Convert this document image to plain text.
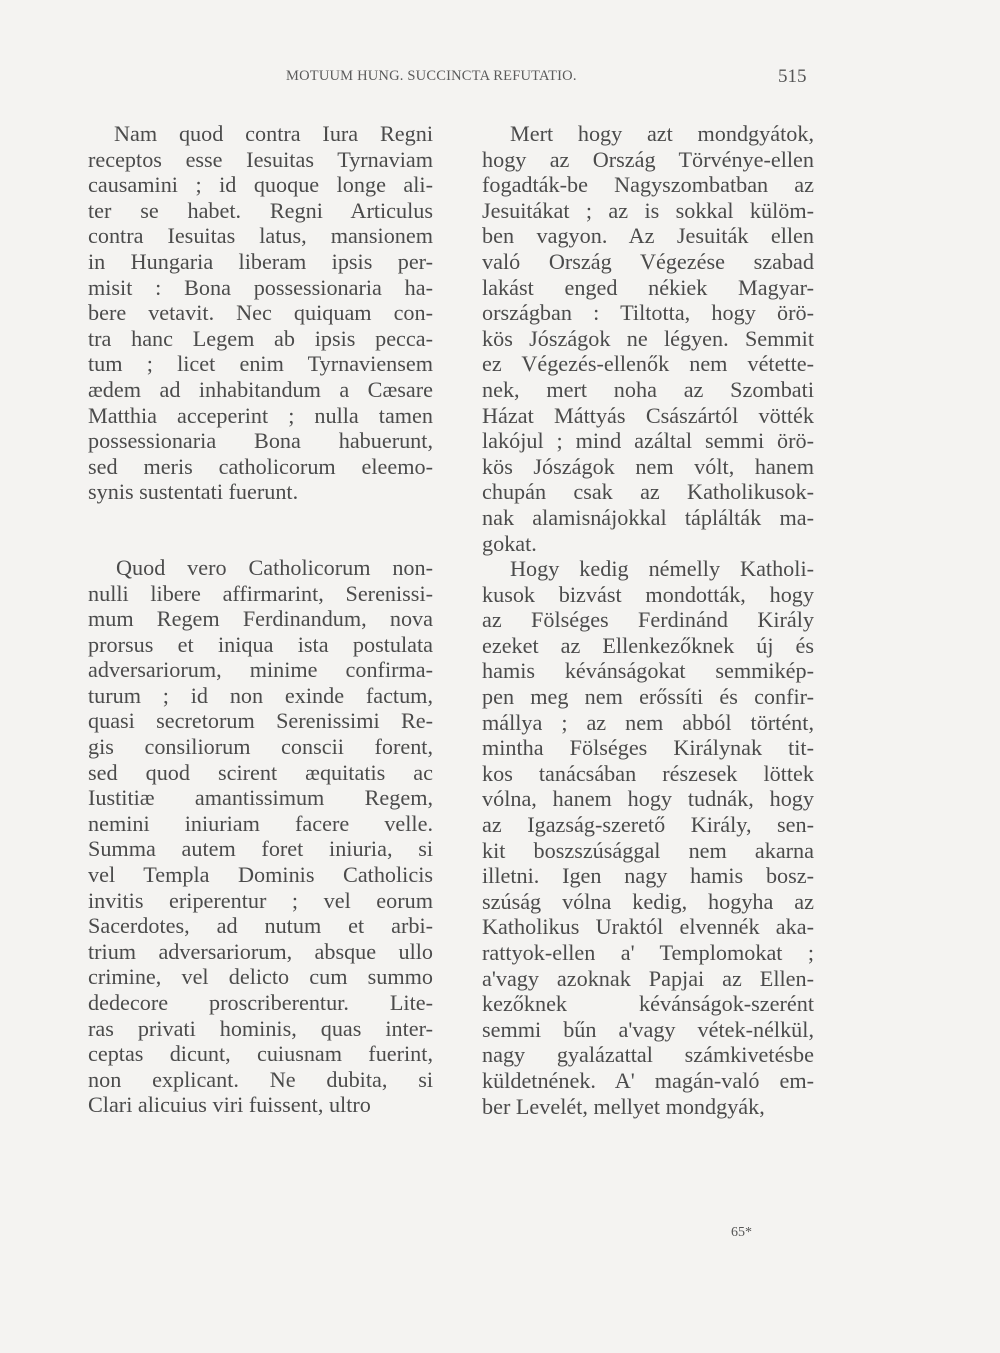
MOTUUM HUNG. SUCCINCTA REFUTATIO.	515
Nam quod contra Iura Regni
receptos esse Iesuitas Tyrnaviam
causamini ; id quoque longe ali-
ter se habet. Regni Articulus
contra Iesuitas latus, mansionem
in Hungaria liberam ipsis per-
misit : Bona possessionaria ha-
bere vetavit. Nec quiquam con-
tra hanc Legem ab ipsis pecca-
tum ; licet enim Tyrnaviensem
ædem ad inhabitandum a Cæsare
Matthia acceperint ; nulla tamen
possessionaria Bona habuerunt,
sed meris catholicorum eleemo-
synis sustentati fuerunt.
Quod vero Catholicorum non-
nulli libere affirmarint, Serenissi-
mum Regem Ferdinandum, nova
prorsus et iniqua ista postulata
adversariorum, minime confirma-
turum ; id non exinde factum,
quasi secretorum Serenissimi Re-
gis consiliorum conscii forent,
sed quod scirent æquitatis ac
Iustitiæ amantissimum Regem,
nemini iniuriam facere velle.
Summa autem foret iniuria, si
vel Templa Dominis Catholicis
invitis eriperentur ; vel eorum
Sacerdotes, ad nutum et arbi-
trium adversariorum, absque ullo
crimine, vel delicto cum summo
dedecore proscriberentur. Lite-
ras privati hominis, quas inter-
ceptas dicunt, cuiusnam fuerint,
non explicant. Ne dubita, si
Clari alicuius viri fuissent, ultro
Mert hogy azt mondgyátok,
hogy az Ország Törvénye-ellen
fogadták-be Nagyszombatban az
Jesuitákat ; az is sokkal külöm-
ben vagyon. Az Jesuiták ellen
való Ország Végezése szabad
lakást enged nékiek Magyar-
országban : Tiltotta, hogy örö-
kös Jószágok ne légyen. Semmit
ez Végezés-ellenők nem vétette-
nek, mert noha az Szombati
Házat Máttyás Császártól vötték
lakójul ; mind azáltal semmi örö-
kös Jószágok nem vólt, hanem
chupán csak az Katholikusok-
nak alamisnájokkal táplálták ma-
gokat.
Hogy kedig némelly Katholi-
kusok bizvást mondották, hogy
az Fölséges Ferdinánd Király
ezeket az Ellenkezőknek új és
hamis kévánságokat semmikép-
pen meg nem erőssíti és confir-
mállya ; az nem abból történt,
mintha Fölséges Királynak tit-
kos tanácsában részesek löttek
vólna, hanem hogy tudnák, hogy
az Igazság-szerető Király, sen-
kit boszszúsággal nem akarna
illetni. Igen nagy hamis bosz-
szúság vólna kedig, hogyha az
Katholikus Uraktól elvennék aka-
rattyok-ellen a' Templomokat ;
a'vagy azoknak Papjai az Ellen-
kezőknek kévánságok-szerént
semmi bűn a'vagy vétek-nélkül,
nagy gyalázattal számkivetésbe
küldetnének. A' magán-való em-
ber Levelét, mellyet mondgyák,
65*
